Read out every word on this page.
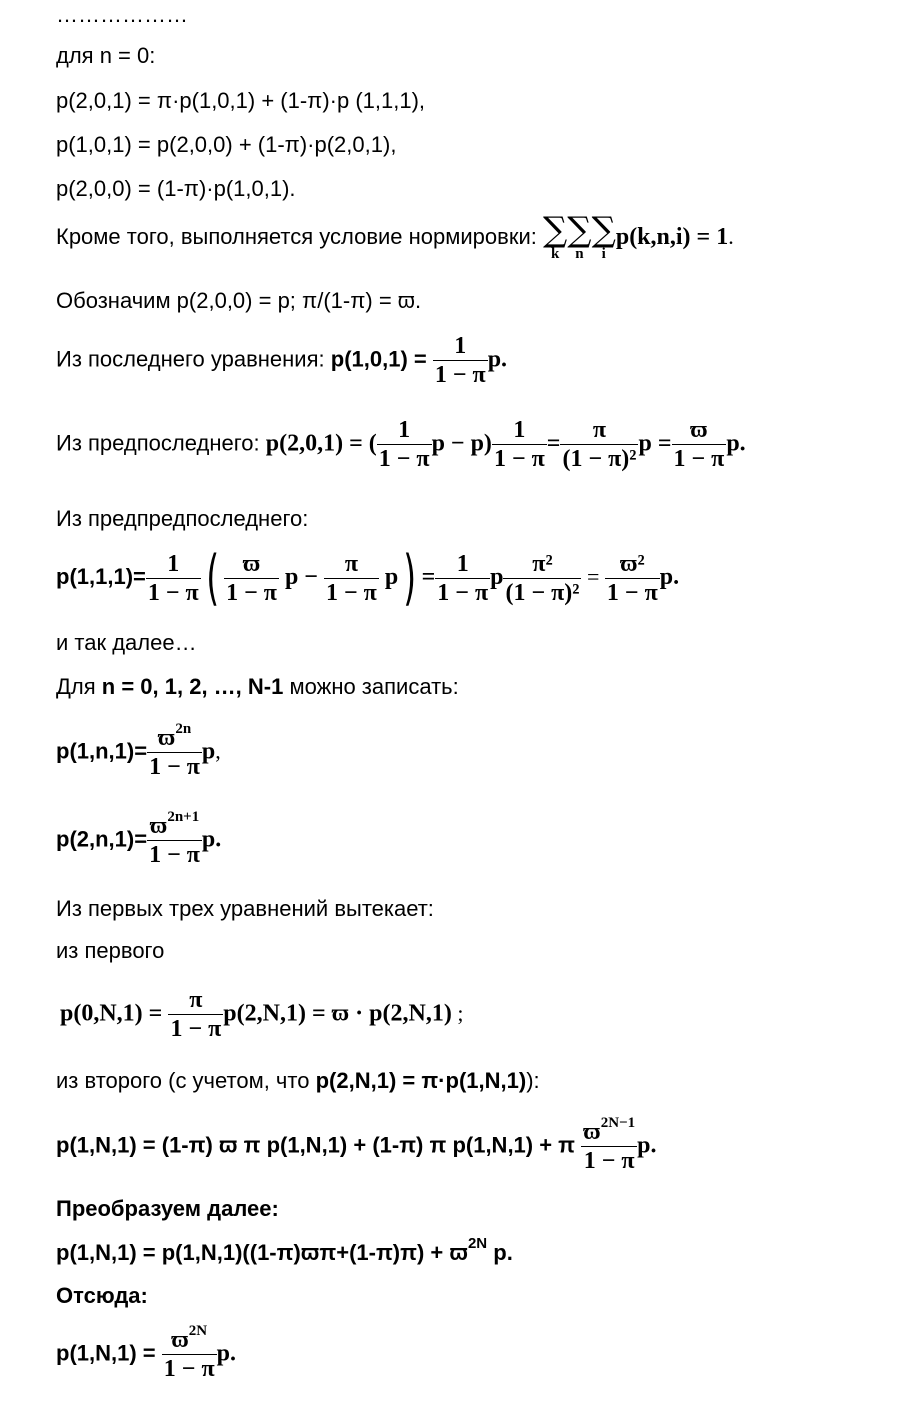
………………
для n = 0:
p(2,0,1) = π·p(1,0,1) + (1-π)·p (1,1,1),
p(1,0,1) = p(2,0,0) + (1-π)·p(2,0,1),
p(2,0,0) = (1-π)·p(1,0,1).
Кроме того, выполняется условие нормировки: ∑
k
∑
n
∑
i
p(k,n,i) = 1.
Обозначим p(2,0,0) = p; π/(1-π) = ϖ.
Из последнего уравнения: $p(1,0,1) = \frac{1}{1 - \pi} p$.
Из предпоследнего: p(2,0,1) = ( $\frac{1}{1 - \pi}$ $p - p) \frac{1}{1 - \pi} = \frac{\pi}{\text{(1 − π)²}}$ $p = \frac{ϖ}{1 - \pi} p$.
Из предпредпоследнего:
$p(1,1,1)= \frac{1}{1 - \pi}$ ( $\frac{ϖ}{1 - \pi}$ $p - \frac{\pi}{1 - \pi} p) = \frac{1}{1 - \pi}$ p $\frac{\text{π²}}{\text{(1 − π)²}} = \frac{\text{ϖ²}}{1 - \pi} p$.
и так далее…
Для n = 0, 1, 2, …, N-1 можно записать:
$p(1,n,1)= \frac{ϖ^{2n}}{1 - \pi} p$,
$p(2,n,1)= \frac{ϖ^{2n+1}}{1 - \pi} p$.
Из первых трех уравнений вытекает:
из первого
$p(0,N,1) = \frac{\pi}{1 - \pi} p(2,N,1) = ϖ \cdot p(2,N,1)$ ;
из второго (с учетом, что p(2,N,1) = π·p(1,N,1)):
p(1,N,1) = (1-π) ϖ π p(1,N,1) + (1-π) π p(1,N,1) + π $\frac{ϖ^{2N-1}}{1 - \pi} p$.
Преобразуем далее:
$p(1,N,1) = p(1,N,1)((1-\pi)ϖ\pi+(1-\pi)\pi) + ϖ^{2N}$ p.
Отсюда:
$p(1,N,1) = \frac{ϖ^{2N}}{1 - \pi} p$.
